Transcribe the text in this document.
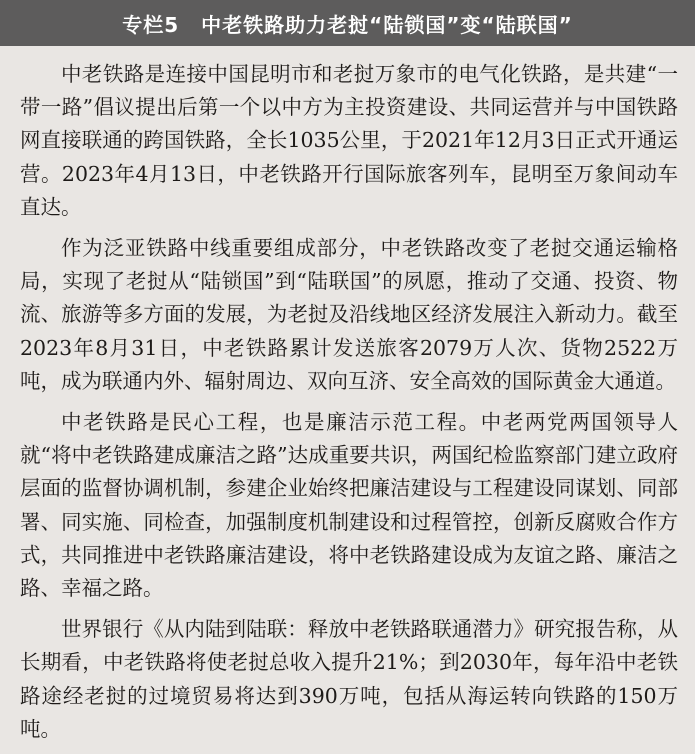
专栏5 中老铁路助力老挝“陆锁国”变“陆联国”

中老铁路是连接中国昆明市和老挝万象市的电气化铁路，是共建“一带一路”倡议提出后第一个以中方为主投资建设、共同运营并与中国铁路网直接联通的跨国铁路，全长1035公里，于2021年12月3日正式开通运营。2023年4月13日，中老铁路开行国际旅客列车，昆明至万象间动车直达。

作为泛亚铁路中线重要组成部分，中老铁路改变了老挝交通运输格局，实现了老挝从“陆锁国”到“陆联国”的夙愿，推动了交通、投资、物流、旅游等多方面的发展，为老挝及沿线地区经济发展注入新动力。截至2023年8月31日，中老铁路累计发送旅客2079万人次、货物2522万吨，成为联通内外、辐射周边、双向互济、安全高效的国际黄金大通道。

中老铁路是民心工程，也是廉洁示范工程。中老两党两国领导人就“将中老铁路建成廉洁之路”达成重要共识，两国纪检监察部门建立政府层面的监督协调机制，参建企业始终把廉洁建设与工程建设同谋划、同部署、同实施、同检查，加强制度机制建设和过程管控，创新反腐败合作方式，共同推进中老铁路廉洁建设，将中老铁路建设成为友谊之路、廉洁之路、幸福之路。

世界银行《从内陆到陆联：释放中老铁路联通潜力》研究报告称，从长期看，中老铁路将使老挝总收入提升21%；到2030年，每年沿中老铁路途经老挝的过境贸易将达到390万吨，包括从海运转向铁路的150万吨。
